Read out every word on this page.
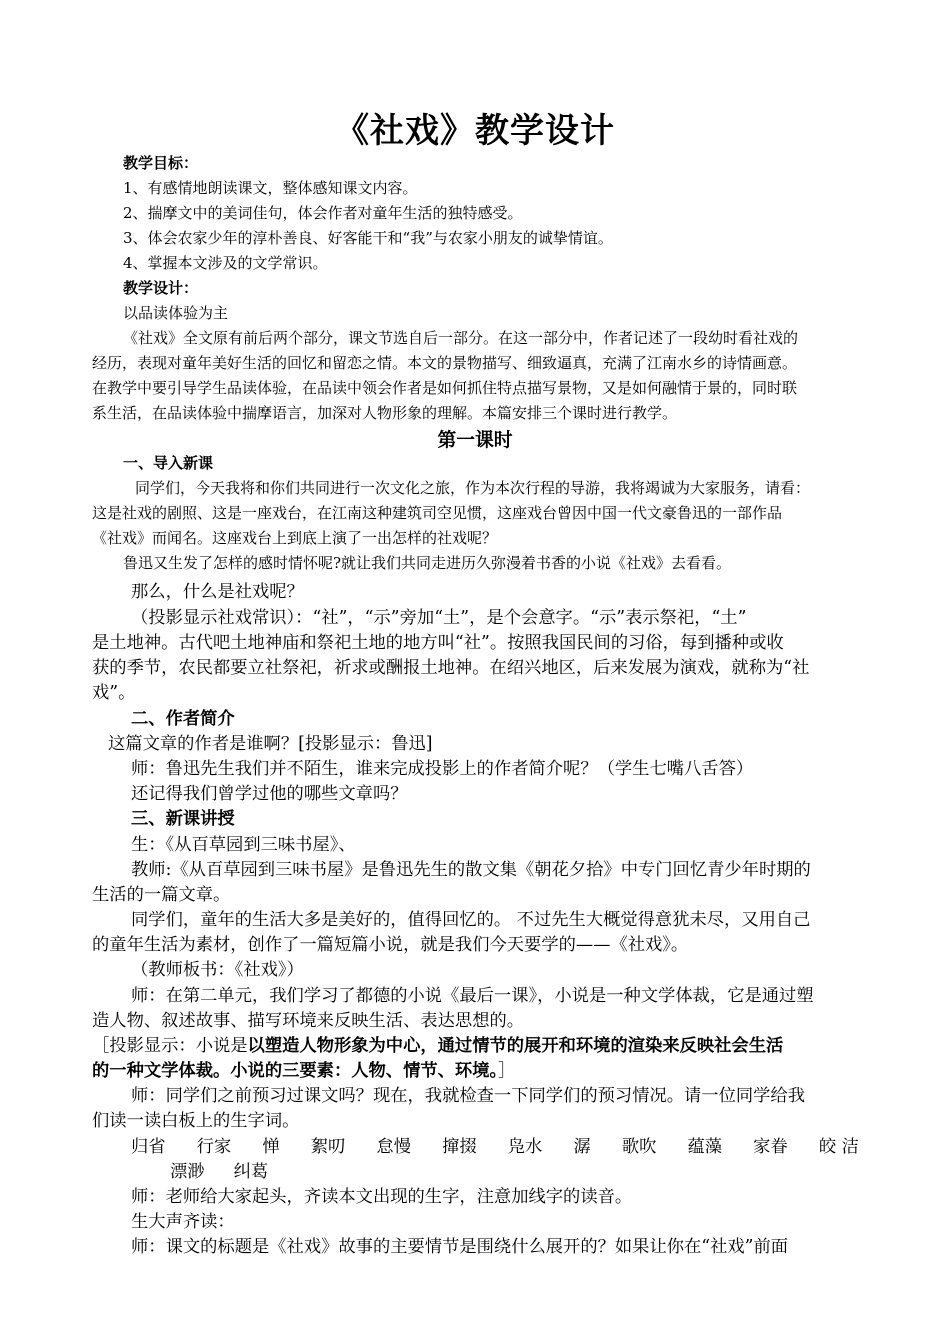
《社戏》教学设计
教学目标：
1、有感情地朗读课文，整体感知课文内容。
2、揣摩文中的美词佳句，体会作者对童年生活的独特感受。
3、体会农家少年的淳朴善良、好客能干和“我”与农家小朋友的诚挚情谊。
4、掌握本文涉及的文学常识。
教学设计：
以品读体验为主
《社戏》全文原有前后两个部分，课文节选自后一部分。在这一部分中，作者记述了一段幼时看社戏的
经历，表现对童年美好生活的回忆和留恋之情。本文的景物描写、细致逼真，充满了江南水乡的诗情画意。
在教学中要引导学生品读体验，在品读中领会作者是如何抓住特点描写景物，又是如何融情于景的，同时联
系生活，在品读体验中揣摩语言，加深对人物形象的理解。本篇安排三个课时进行教学。
第一课时
一、导入新课
同学们，今天我将和你们共同进行一次文化之旅，作为本次行程的导游，我将竭诚为大家服务，请看：
这是社戏的剧照、这是一座戏台，在江南这种建筑司空见惯，这座戏台曾因中国一代文豪鲁迅的一部作品
《社戏》而闻名。这座戏台上到底上演了一出怎样的社戏呢？
鲁迅又生发了怎样的感时情怀呢?就让我们共同走进历久弥漫着书香的小说《社戏》去看看。
那么，什么是社戏呢？
（投影显示社戏常识）：“社”，“示”旁加“土”，是个会意字。“示”表示祭祀，“土”
是土地神。古代吧土地神庙和祭祀土地的地方叫“社”。按照我国民间的习俗，每到播种或收
获的季节，农民都要立社祭祀，祈求或酬报土地神。在绍兴地区，后来发展为演戏，就称为“社
戏”。
二、作者简介
这篇文章的作者是谁啊？[投影显示：鲁迅]
师：鲁迅先生我们并不陌生，谁来完成投影上的作者简介呢？（学生七嘴八舌答）
还记得我们曾学过他的哪些文章吗？
三、新课讲授
生：《从百草园到三味书屋》、
教师:《从百草园到三味书屋》是鲁迅先生的散文集《朝花夕拾》中专门回忆青少年时期的
生活的一篇文章。
同学们，童年的生活大多是美好的，值得回忆的。 不过先生大概觉得意犹未尽，又用自己
的童年生活为素材，创作了一篇短篇小说，就是我们今天要学的——《社戏》。
（教师板书：《社戏》）
师：在第二单元，我们学习了都德的小说《最后一课》，小说是一种文学体裁，它是通过塑
造人物、叙述故事、描写环境来反映生活、表达思想的。
［投影显示：小说是以塑造人物形象为中心，通过情节的展开和环境的渲染来反映社会生活
的一种文学体裁。小说的三要素：人物、情节、环境。］
师：同学们之前预习过课文吗？现在，我就检查一下同学们的预习情况。请一位同学给我
们读一读白板上的生字词。
归省 行家 惮 絮叨 怠慢 撺掇 凫水 潺 歌吹 蕴藻 家眷 皎 洁
漂渺 纠葛
师：老师给大家起头，齐读本文出现的生字，注意加线字的读音。
生大声齐读：
师：课文的标题是《社戏》故事的主要情节是围绕什么展开的？如果让你在“社戏”前面
